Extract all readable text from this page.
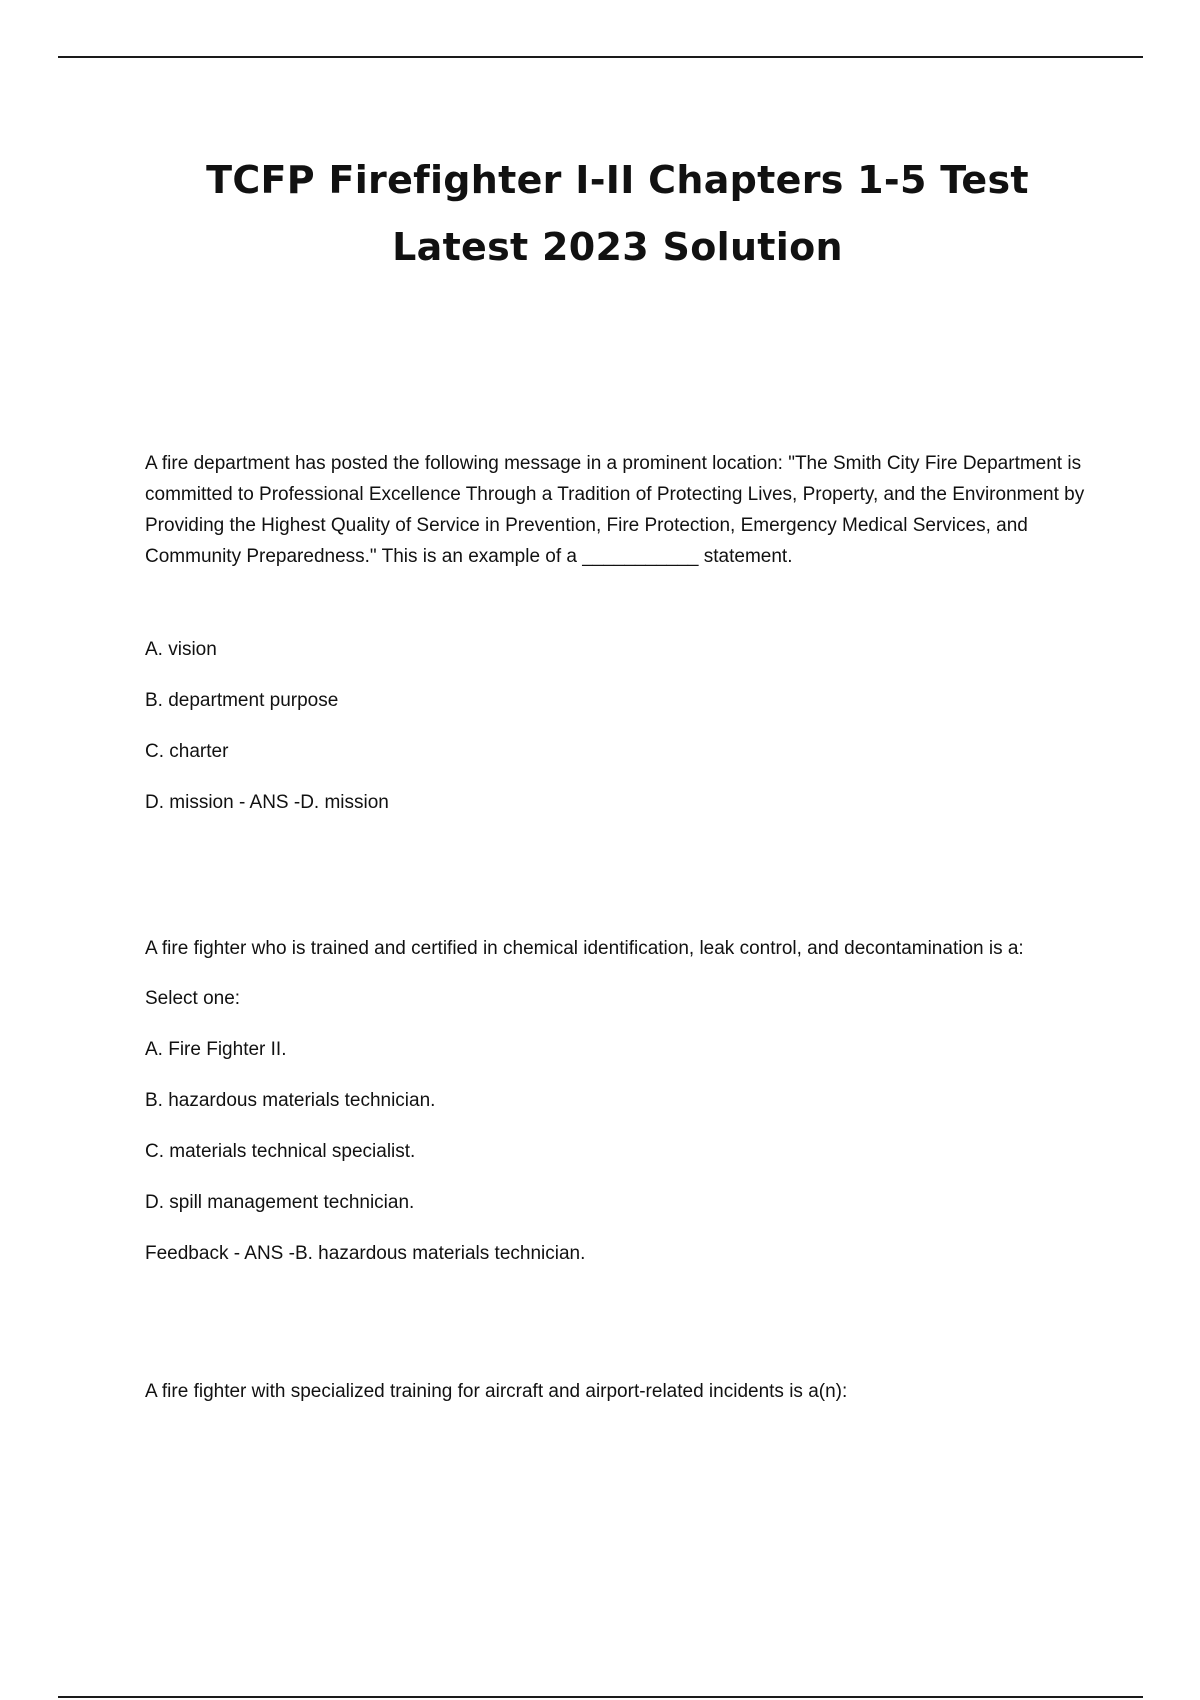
TCFP Firefighter I-II Chapters 1-5 Test
Latest 2023 Solution

A fire department has posted the following message in a prominent location: "The Smith City Fire Department is committed to Professional Excellence Through a Tradition of Protecting Lives, Property, and the Environment by Providing the Highest Quality of Service in Prevention, Fire Protection, Emergency Medical Services, and Community Preparedness." This is an example of a ___________ statement.

A. vision

B. department purpose

C. charter

D. mission - ANS -D. mission

A fire fighter who is trained and certified in chemical identification, leak control, and decontamination is a:

Select one:

A. Fire Fighter II.

B. hazardous materials technician.

C. materials technical specialist.

D. spill management technician.

Feedback - ANS -B. hazardous materials technician.

A fire fighter with specialized training for aircraft and airport-related incidents is a(n):
